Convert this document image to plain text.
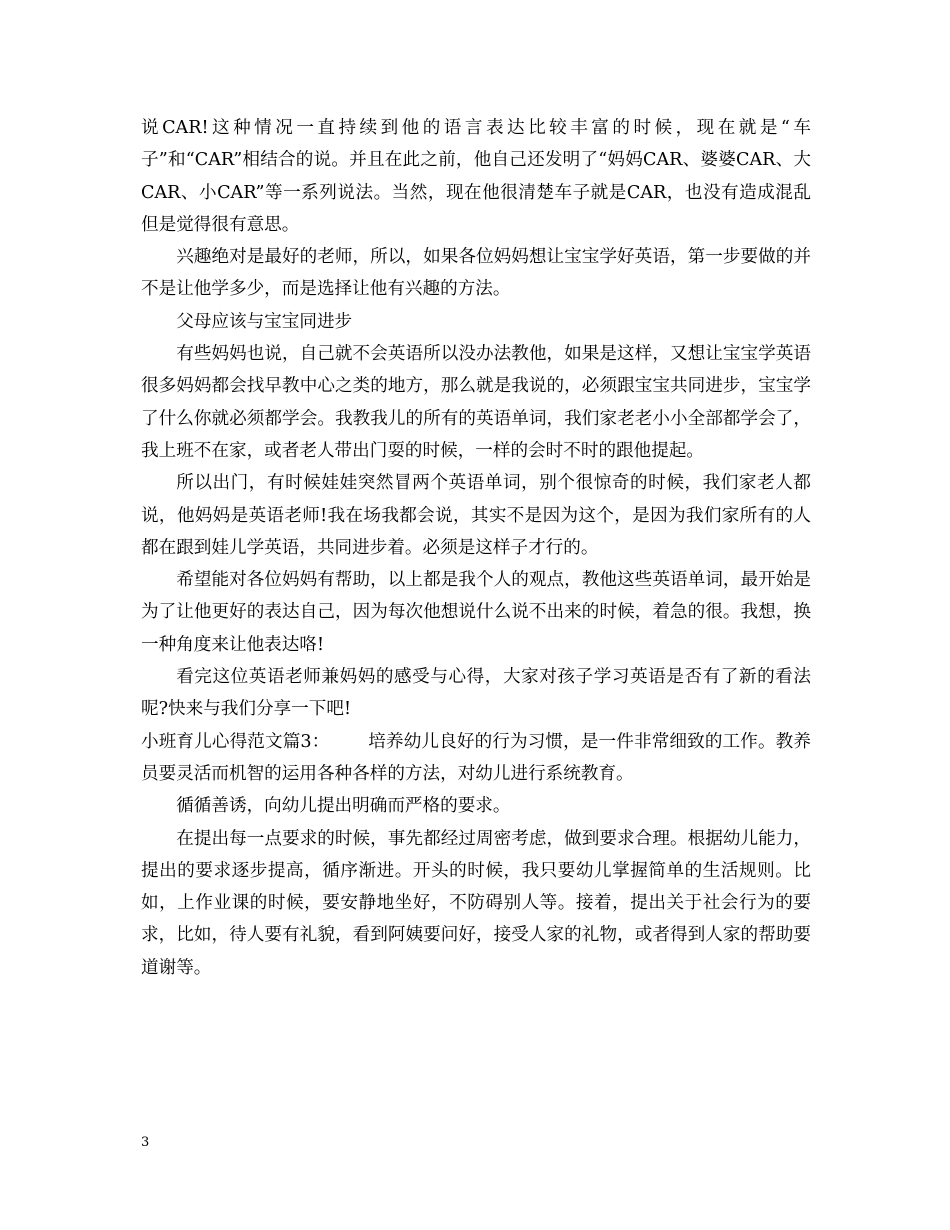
说CAR!这种情况一直持续到他的语言表达比较丰富的时候，现在就是“车子”和“CAR”相结合的说。并且在此之前，他自己还发明了“妈妈CAR、婆婆CAR、大CAR、小CAR”等一系列说法。当然，现在他很清楚车子就是CAR，也没有造成混乱但是觉得很有意思。

兴趣绝对是最好的老师，所以，如果各位妈妈想让宝宝学好英语，第一步要做的并不是让他学多少，而是选择让他有兴趣的方法。

父母应该与宝宝同进步

有些妈妈也说，自己就不会英语所以没办法教他，如果是这样，又想让宝宝学英语很多妈妈都会找早教中心之类的地方，那么就是我说的，必须跟宝宝共同进步，宝宝学了什么你就必须都学会。我教我儿的所有的英语单词，我们家老老小小全部都学会了，我上班不在家，或者老人带出门耍的时候，一样的会时不时的跟他提起。

所以出门，有时候娃娃突然冒两个英语单词，别个很惊奇的时候，我们家老人都说，他妈妈是英语老师!我在场我都会说，其实不是因为这个，是因为我们家所有的人都在跟到娃儿学英语，共同进步着。必须是这样子才行的。

希望能对各位妈妈有帮助，以上都是我个人的观点，教他这些英语单词，最开始是为了让他更好的表达自己，因为每次他想说什么说不出来的时候，着急的很。我想，换一种角度来让他表达咯!

看完这位英语老师兼妈妈的感受与心得，大家对孩子学习英语是否有了新的看法呢?快来与我们分享一下吧!

小班育儿心得范文篇3： 培养幼儿良好的行为习惯，是一件非常细致的工作。教养员要灵活而机智的运用各种各样的方法，对幼儿进行系统教育。

循循善诱，向幼儿提出明确而严格的要求。

在提出每一点要求的时候，事先都经过周密考虑，做到要求合理。根据幼儿能力，提出的要求逐步提高，循序渐进。开头的时候，我只要幼儿掌握简单的生活规则。比如，上作业课的时候，要安静地坐好，不防碍别人等。接着，提出关于社会行为的要求，比如，待人要有礼貌，看到阿姨要问好，接受人家的礼物，或者得到人家的帮助要道谢等。

3
